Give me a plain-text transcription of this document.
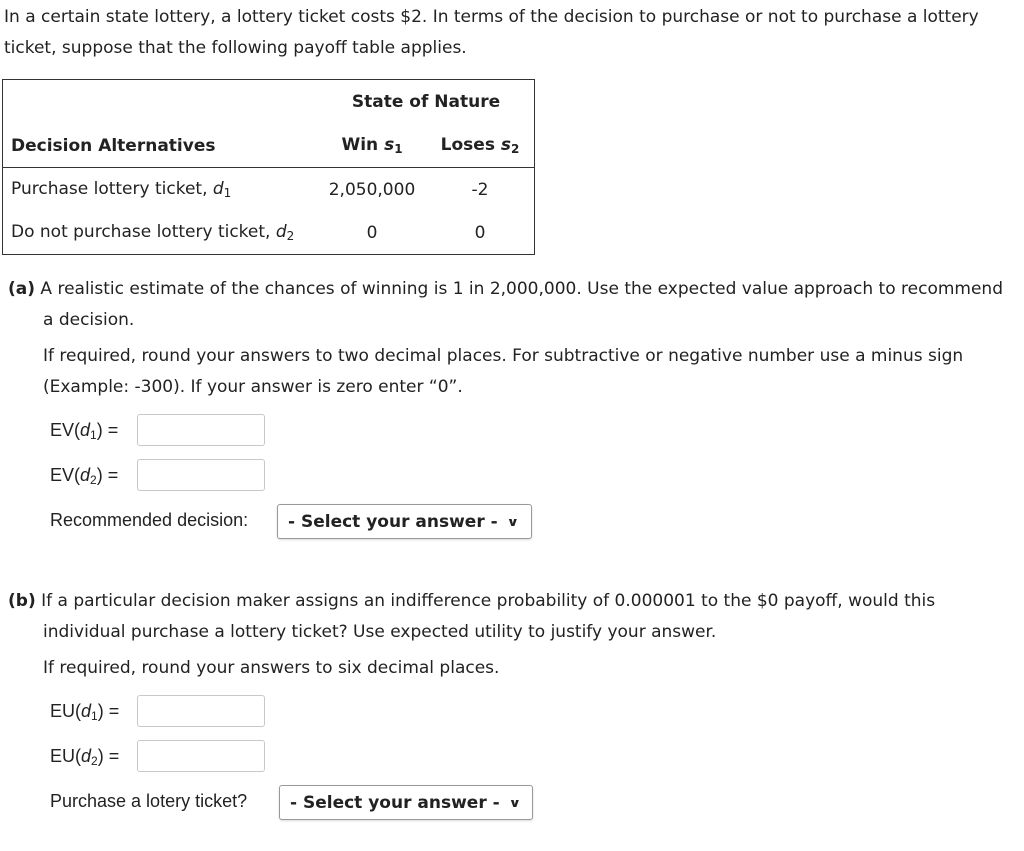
In a certain state lottery, a lottery ticket costs $2. In terms of the decision to purchase or not to purchase a lottery ticket, suppose that the following payoff table applies.
	State of Nature	
Decision Alternatives	Win $s_1$	Loses $s_2$
Purchase lottery ticket, $d_1$	2,050,000	-2
Do not purchase lottery ticket, $d_2$	0	0
(a) A realistic estimate of the chances of winning is 1 in 2,000,000. Use the expected value approach to recommend a decision.
If required, round your answers to two decimal places. For subtractive or negative number use a minus sign (Example: -300). If your answer is zero enter “0”.
$EV(d_1)$ =
$EV(d_2)$ =
Recommended decision: - Select your answer - ∨
(b) If a particular decision maker assigns an indifference probability of 0.000001 to the $0 payoff, would this individual purchase a lottery ticket? Use expected utility to justify your answer.
If required, round your answers to six decimal places.
$EU(d_1)$ =
$EU(d_2)$ =
Purchase a lotery ticket?	- Select your answer - ∨
